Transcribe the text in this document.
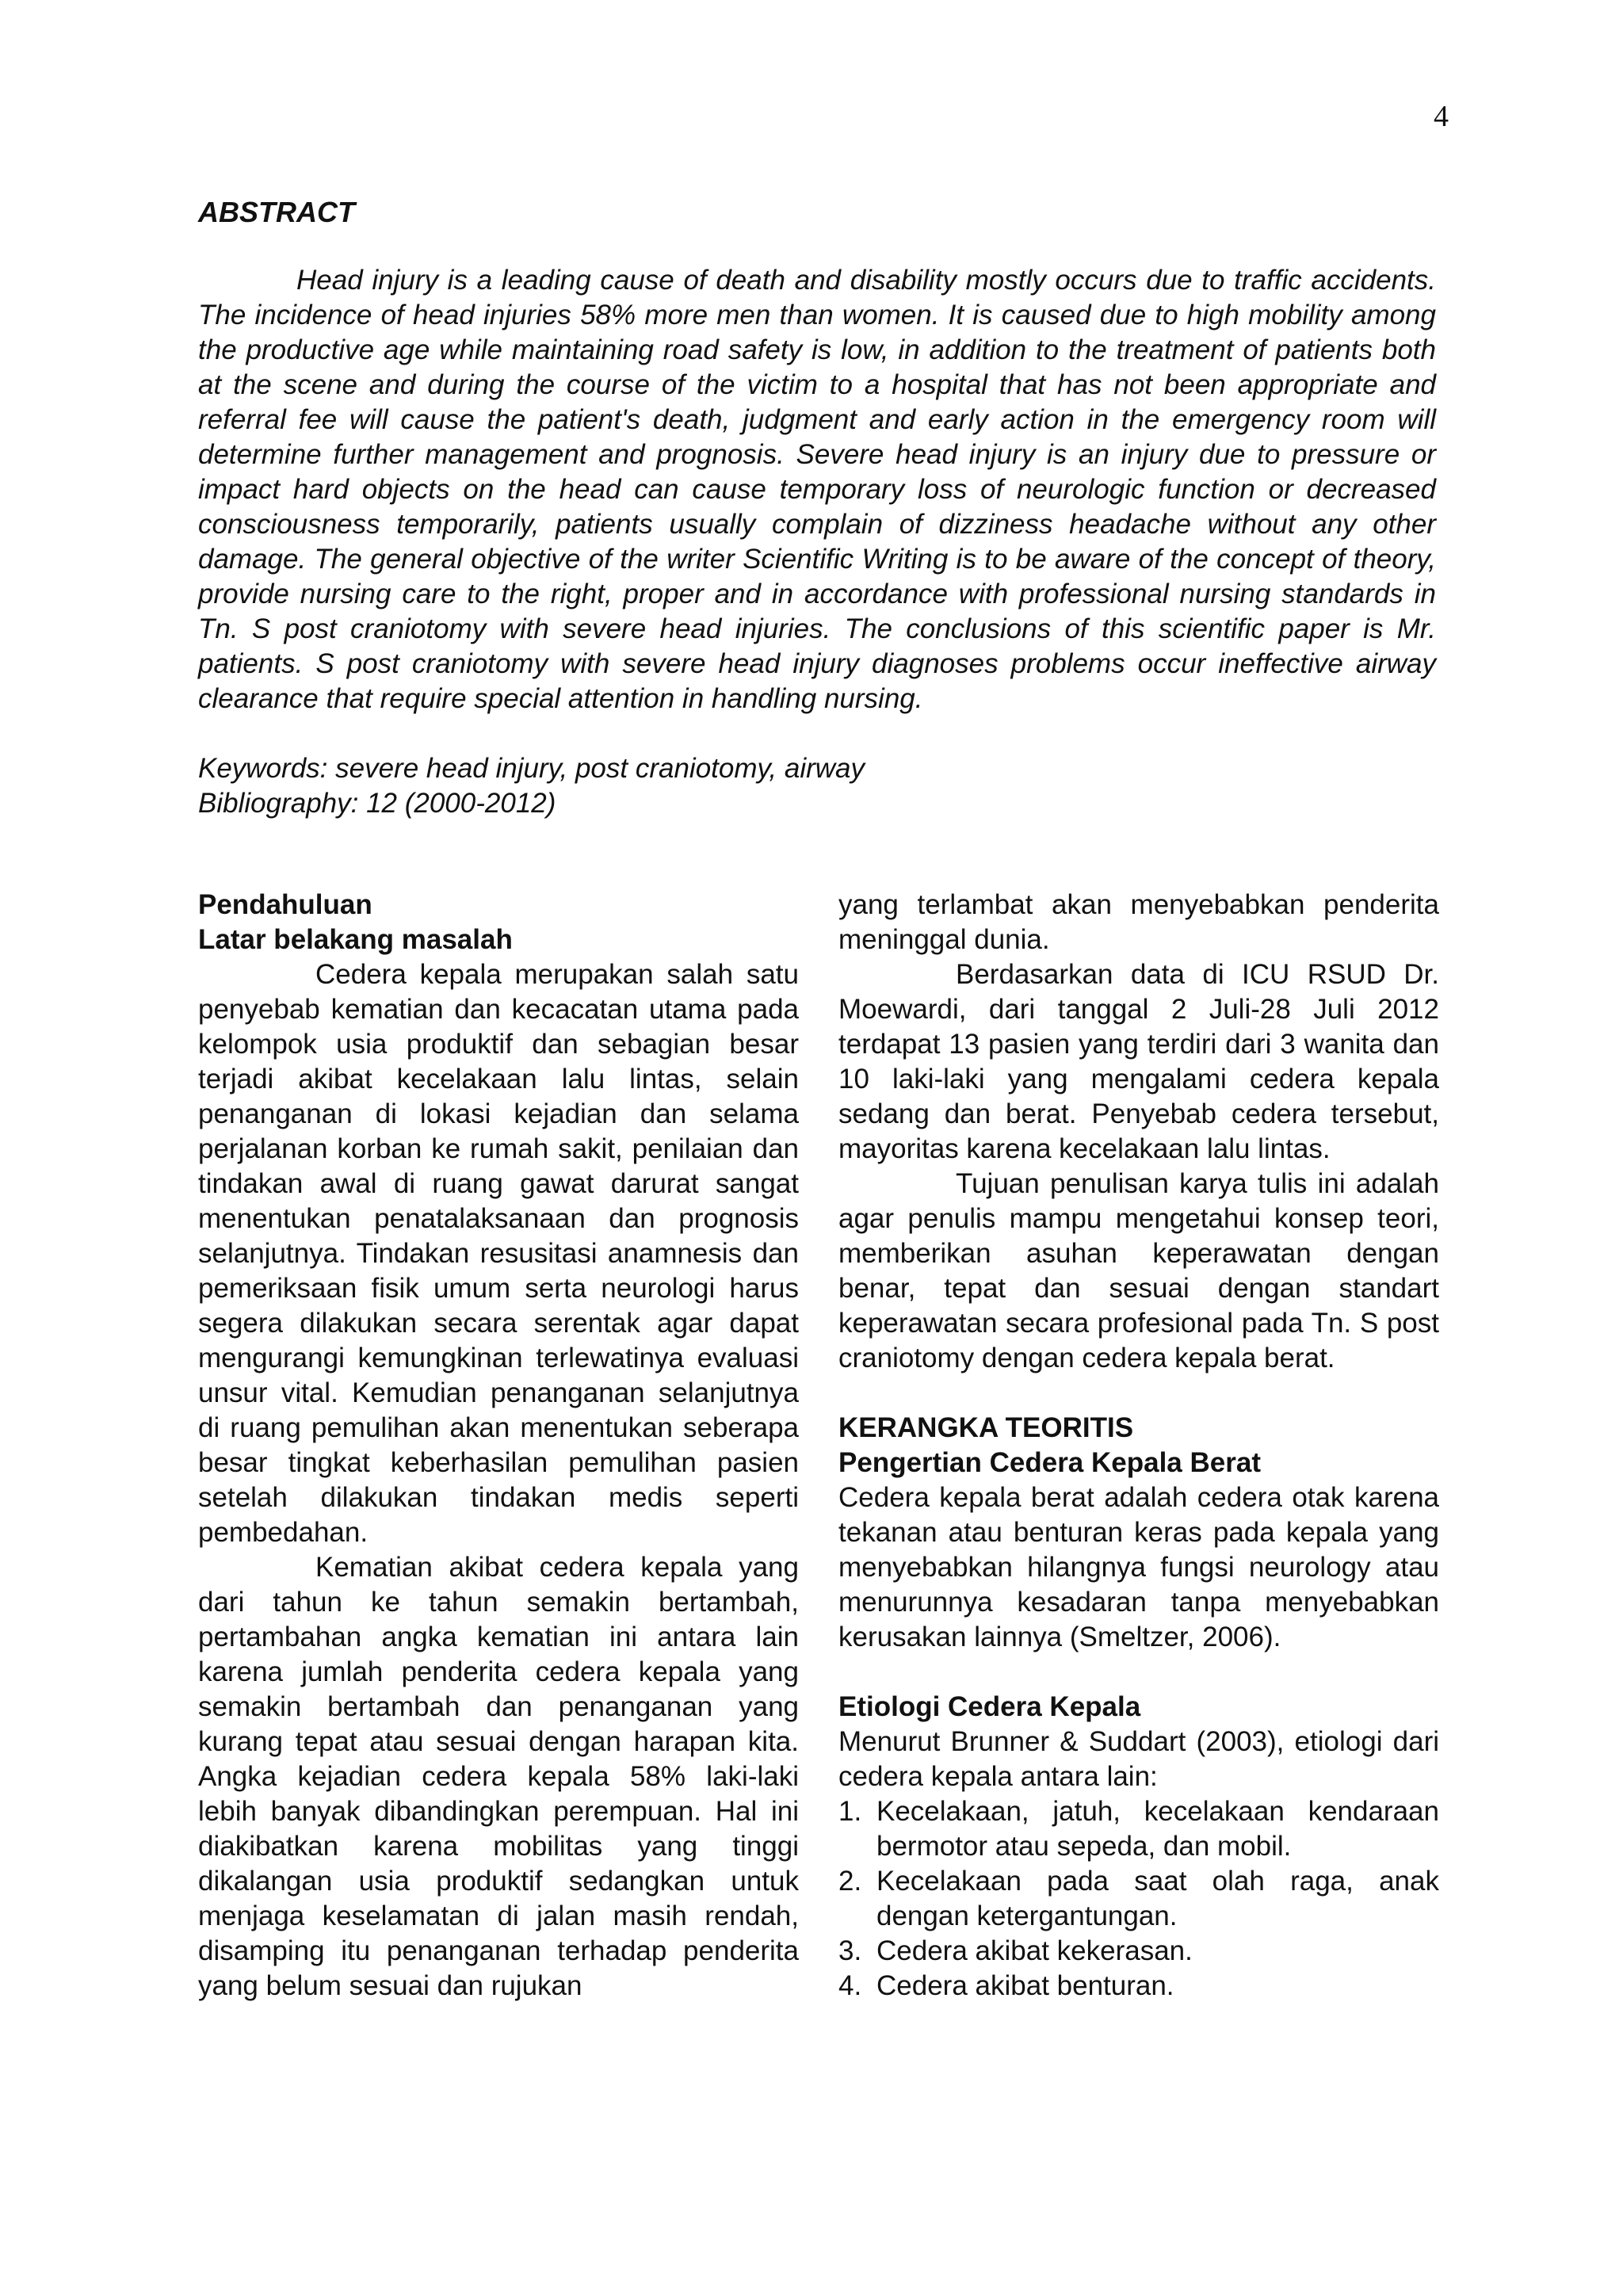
4
ABSTRACT

Head injury is a leading cause of death and disability mostly occurs due to traffic accidents. The incidence of head injuries 58% more men than women. It is caused due to high mobility among the productive age while maintaining road safety is low, in addition to the treatment of patients both at the scene and during the course of the victim to a hospital that has not been appropriate and referral fee will cause the patient's death, judgment and early action in the emergency room will determine further management and prognosis. Severe head injury is an injury due to pressure or impact hard objects on the head can cause temporary loss of neurologic function or decreased consciousness temporarily, patients usually complain of dizziness headache without any other damage. The general objective of the writer Scientific Writing is to be aware of the concept of theory, provide nursing care to the right, proper and in accordance with professional nursing standards in Tn. S post craniotomy with severe head injuries. The conclusions of this scientific paper is Mr. patients. S post craniotomy with severe head injury diagnoses problems occur ineffective airway clearance that require special attention in handling nursing.

Keywords: severe head injury, post craniotomy, airway
Bibliography: 12 (2000-2012)

Pendahuluan

Latar belakang masalah

Cedera kepala merupakan salah satu penyebab kematian dan kecacatan utama pada kelompok usia produktif dan sebagian besar terjadi akibat kecelakaan lalu lintas, selain penanganan di lokasi kejadian dan selama perjalanan korban ke rumah sakit, penilaian dan tindakan awal di ruang gawat darurat sangat menentukan penatalaksanaan dan prognosis selanjutnya. Tindakan resusitasi anamnesis dan pemeriksaan fisik umum serta neurologi harus segera dilakukan secara serentak agar dapat mengurangi kemungkinan terlewatinya evaluasi unsur vital. Kemudian penanganan selanjutnya di ruang pemulihan akan menentukan seberapa besar tingkat keberhasilan pemulihan pasien setelah dilakukan tindakan medis seperti pembedahan.

Kematian akibat cedera kepala yang dari tahun ke tahun semakin bertambah, pertambahan angka kematian ini antara lain karena jumlah penderita cedera kepala yang semakin bertambah dan penanganan yang kurang tepat atau sesuai dengan harapan kita. Angka kejadian cedera kepala 58% laki-laki lebih banyak dibandingkan perempuan. Hal ini diakibatkan karena mobilitas yang tinggi dikalangan usia produktif sedangkan untuk menjaga keselamatan di jalan masih rendah, disamping itu penanganan terhadap penderita yang belum sesuai dan rujukan

yang terlambat akan menyebabkan penderita meninggal dunia.

Berdasarkan data di ICU RSUD Dr. Moewardi, dari tanggal 2 Juli-28 Juli 2012 terdapat 13 pasien yang terdiri dari 3 wanita dan 10 laki-laki yang mengalami cedera kepala sedang dan berat. Penyebab cedera tersebut, mayoritas karena kecelakaan lalu lintas.

Tujuan penulisan karya tulis ini adalah agar penulis mampu mengetahui konsep teori, memberikan asuhan keperawatan dengan benar, tepat dan sesuai dengan standart keperawatan secara profesional pada Tn. S post craniotomy dengan cedera kepala berat.

KERANGKA TEORITIS

Pengertian Cedera Kepala Berat

Cedera kepala berat adalah cedera otak karena tekanan atau benturan keras pada kepala yang menyebabkan hilangnya fungsi neurology atau menurunnya kesadaran tanpa menyebabkan kerusakan lainnya (Smeltzer, 2006).

Etiologi Cedera Kepala

Menurut Brunner & Suddart (2003), etiologi dari cedera kepala antara lain:

1. Kecelakaan, jatuh, kecelakaan kendaraan bermotor atau sepeda, dan mobil.
2. Kecelakaan pada saat olah raga, anak dengan ketergantungan.
3. Cedera akibat kekerasan.
4. Cedera akibat benturan.
